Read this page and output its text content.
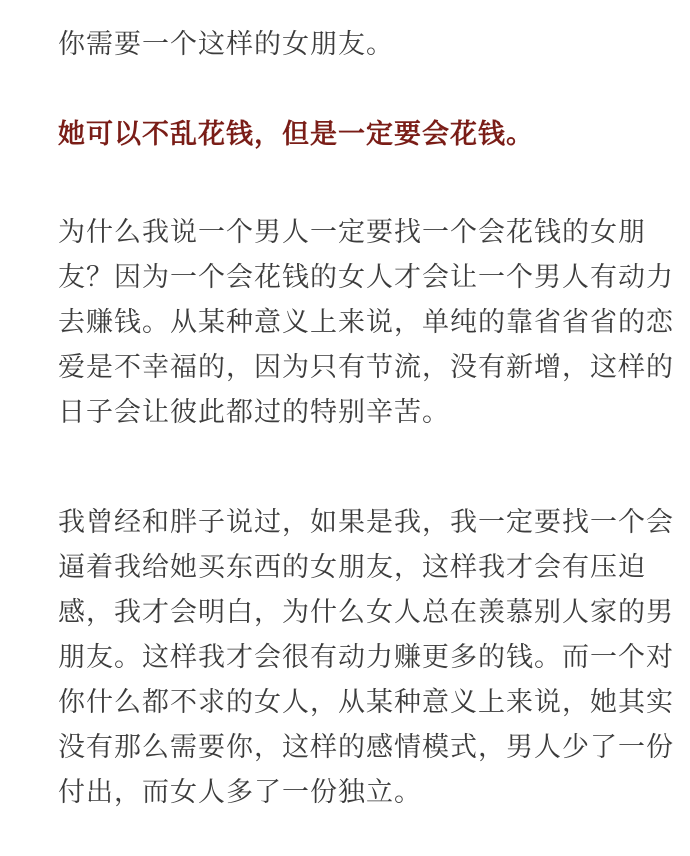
你需要一个这样的女朋友。

她可以不乱花钱，但是一定要会花钱。

为什么我说一个男人一定要找一个会花钱的女朋
友？因为一个会花钱的女人才会让一个男人有动力
去赚钱。从某种意义上来说，单纯的靠省省省的恋
爱是不幸福的，因为只有节流，没有新增，这样的
日子会让彼此都过的特别辛苦。

我曾经和胖子说过，如果是我，我一定要找一个会
逼着我给她买东西的女朋友，这样我才会有压迫
感，我才会明白，为什么女人总在羡慕别人家的男
朋友。这样我才会很有动力赚更多的钱。而一个对
你什么都不求的女人，从某种意义上来说，她其实
没有那么需要你，这样的感情模式，男人少了一份
付出，而女人多了一份独立。
